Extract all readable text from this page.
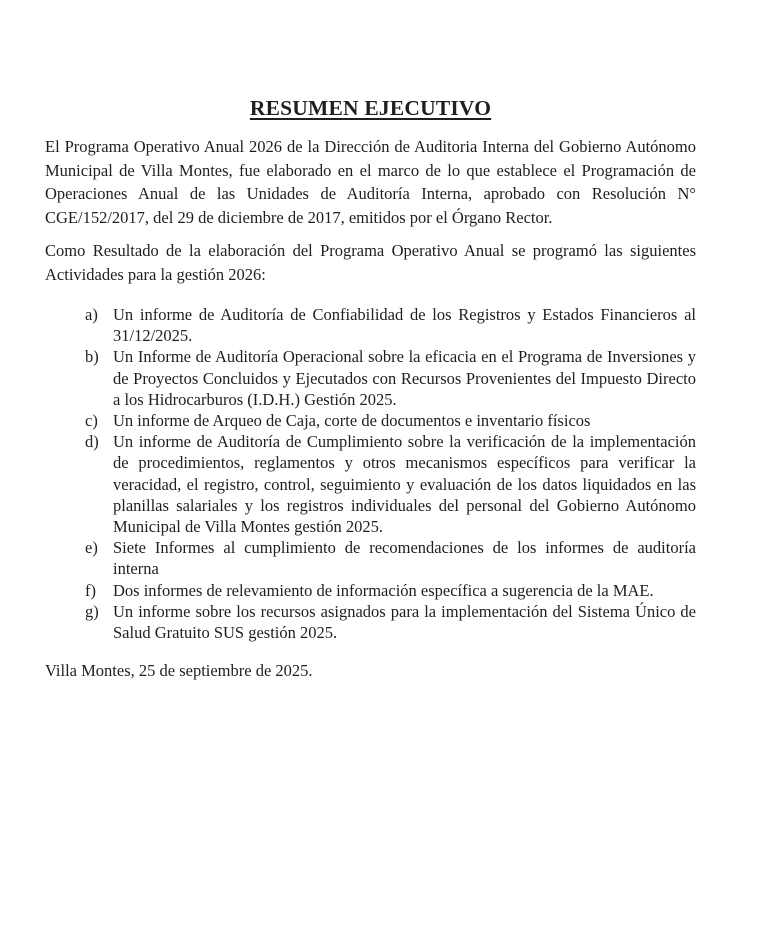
RESUMEN EJECUTIVO

El Programa Operativo Anual 2026 de la Dirección de Auditoria Interna del Gobierno Autónomo Municipal de Villa Montes, fue elaborado en el marco de lo que establece el Programación de Operaciones Anual de las Unidades de Auditoría Interna, aprobado con Resolución N° CGE/152/2017, del 29 de diciembre de 2017, emitidos por el Órgano Rector.

Como Resultado de la elaboración del Programa Operativo Anual se programó las siguientes Actividades para la gestión 2026:

a) Un informe de Auditoría de Confiabilidad de los Registros y Estados Financieros al 31/12/2025.
b) Un Informe de Auditoría Operacional sobre la eficacia en el Programa de Inversiones y de Proyectos Concluidos y Ejecutados con Recursos Provenientes del Impuesto Directo a los Hidrocarburos (I.D.H.) Gestión 2025.
c) Un informe de Arqueo de Caja, corte de documentos e inventario físicos
d) Un informe de Auditoría de Cumplimiento sobre la verificación de la implementación de procedimientos, reglamentos y otros mecanismos específicos para verificar la veracidad, el registro, control, seguimiento y evaluación de los datos liquidados en las planillas salariales y los registros individuales del personal del Gobierno Autónomo Municipal de Villa Montes gestión 2025.
e) Siete Informes al cumplimiento de recomendaciones de los informes de auditoría interna
f)	Dos informes de relevamiento de información específica a sugerencia de la MAE.
g) Un informe sobre los recursos asignados para la implementación del Sistema Único de Salud Gratuito SUS gestión 2025.

Villa Montes, 25 de septiembre de 2025.
